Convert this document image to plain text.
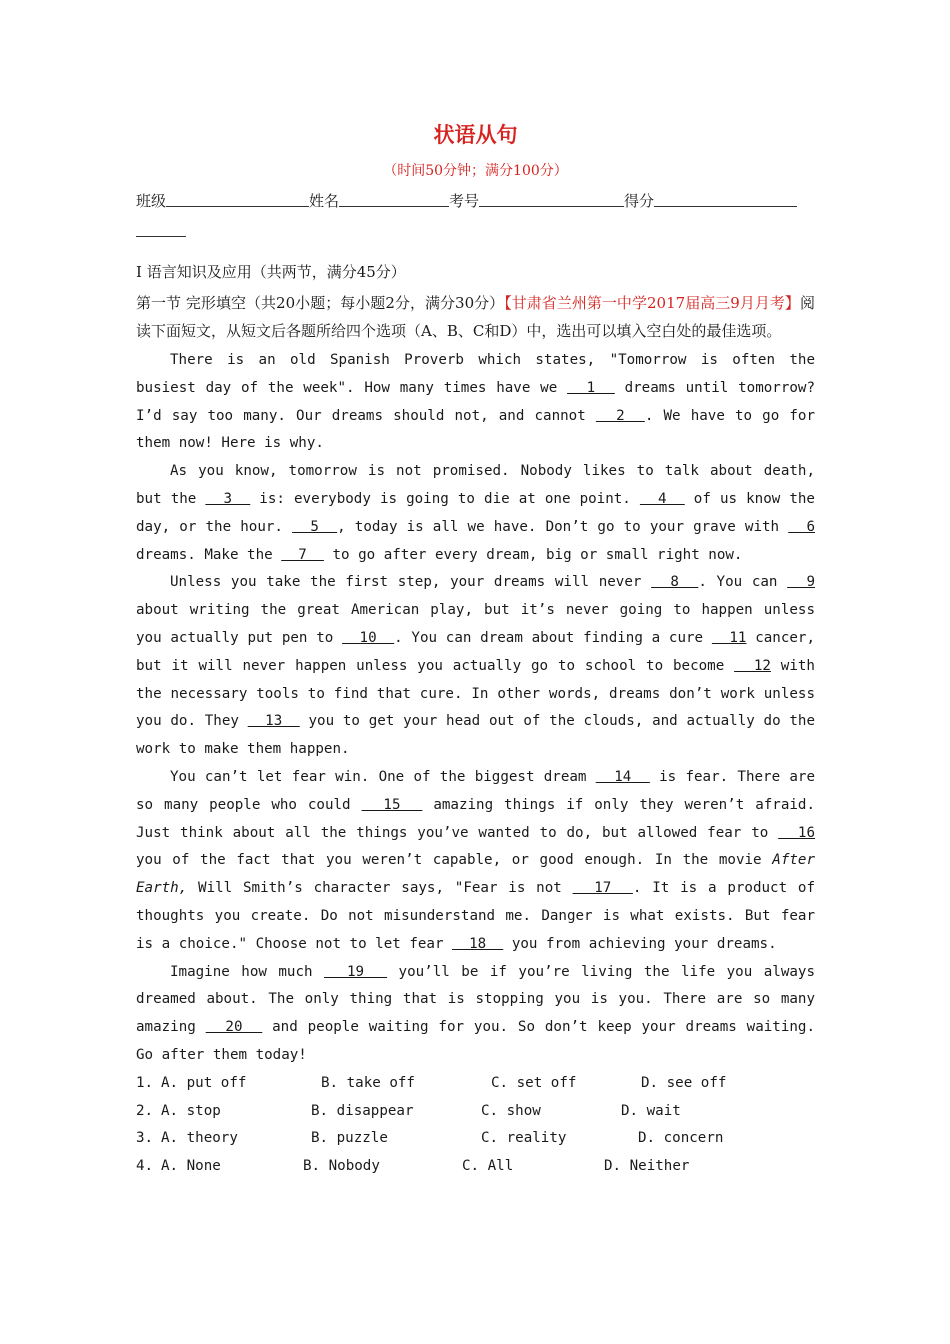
状语从句
（时间50分钟；满分100分）
班级	姓名	考号	得分
I 语言知识及应用（共两节，满分45分）
第一节 完形填空（共20小题；每小题2分，满分30分）【甘肃省兰州第一中学2017届高三9月月考】阅读下面短文，从短文后各题所给四个选项（A、B、C和D）中，选出可以填入空白处的最佳选项。

There is an old Spanish Proverb which states, "Tomorrow is often the busiest day of the week". How many times have we   1   dreams until tomorrow? I’d say too many. Our dreams should not, and cannot   2  . We have to go for them now! Here is why.

As you know, tomorrow is not promised. Nobody likes to talk about death, but the   3   is: everybody is going to die at one point.   4   of us know the day, or the hour.   5  , today is all we have. Don’t go to your grave with   6 dreams. Make the   7   to go after every dream, big or small right now.

Unless you take the first step, your dreams will never   8  . You can   9 about writing the great American play, but it’s never going to happen unless you actually put pen to   10  . You can dream about finding a cure   11 cancer, but it will never happen unless you actually go to school to become   12 with the necessary tools to find that cure. In other words, dreams don’t work unless you do. They   13   you to get your head out of the clouds, and actually do the work to make them happen.

You can’t let fear win. One of the biggest dream   14   is fear. There are so many people who could   15   amazing things if only they weren’t afraid. Just think about all the things you’ve wanted to do, but allowed fear to   16 you of the fact that you weren’t capable, or good enough. In the movie After Earth, Will Smith’s character says, "Fear is not   17  . It is a product of thoughts you create. Do not misunderstand me. Danger is what exists. But fear is a choice." Choose not to let fear   18   you from achieving your dreams.

Imagine how much   19   you’ll be if you’re living the life you always dreamed about. The only thing that is stopping you is you. There are so many amazing   20   and people waiting for you. So don’t keep your dreams waiting. Go after them today!

1. A. put off	B. take off	C. set off	D. see off
2. A. stop	B. disappear	C. show	D. wait
3. A. theory	B. puzzle	C. reality	D. concern
4. A. None	B. Nobody	C. All	D. Neither
